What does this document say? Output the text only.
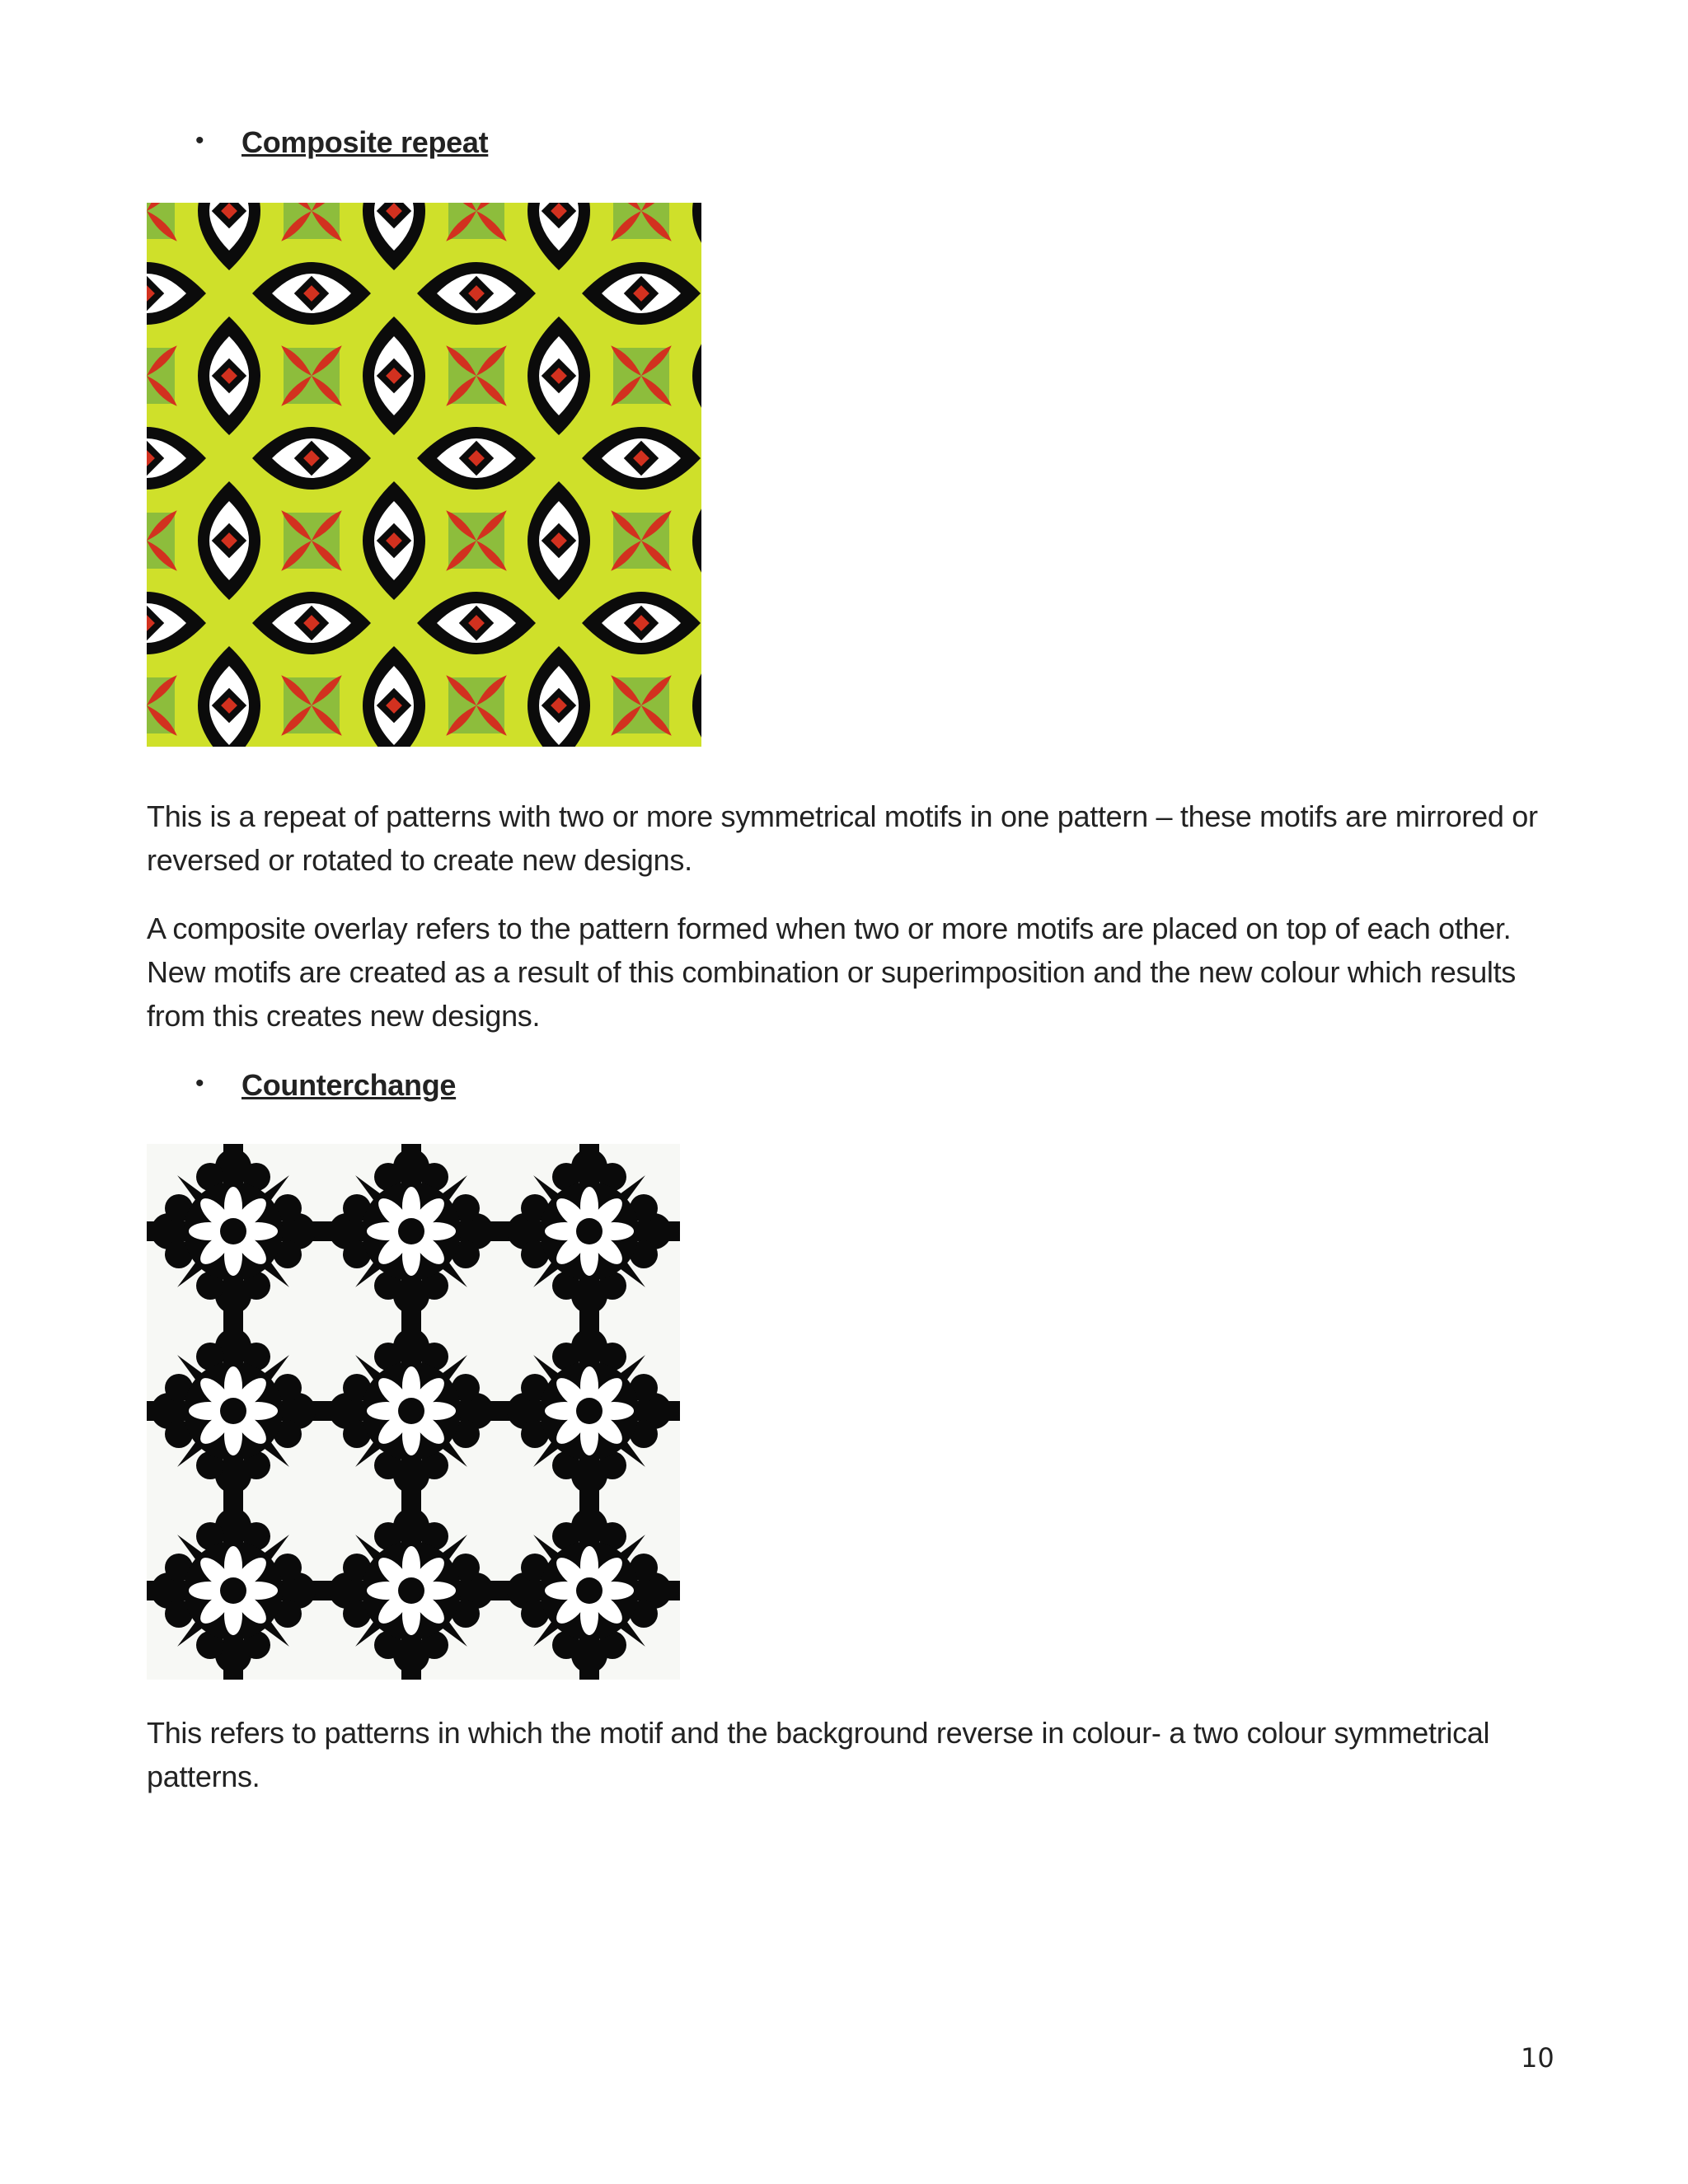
• Composite repeat

This is a repeat of patterns with two or more symmetrical motifs in one pattern – these motifs are mirrored or reversed or rotated to create new designs.

A composite overlay refers to the pattern formed when two or more motifs are placed on top of each other. New motifs are created as a result of this combination or superimposition and the new colour which results from this creates new designs.

• Counterchange

This refers to patterns in which the motif and the background reverse in colour- a two colour symmetrical patterns.

10
